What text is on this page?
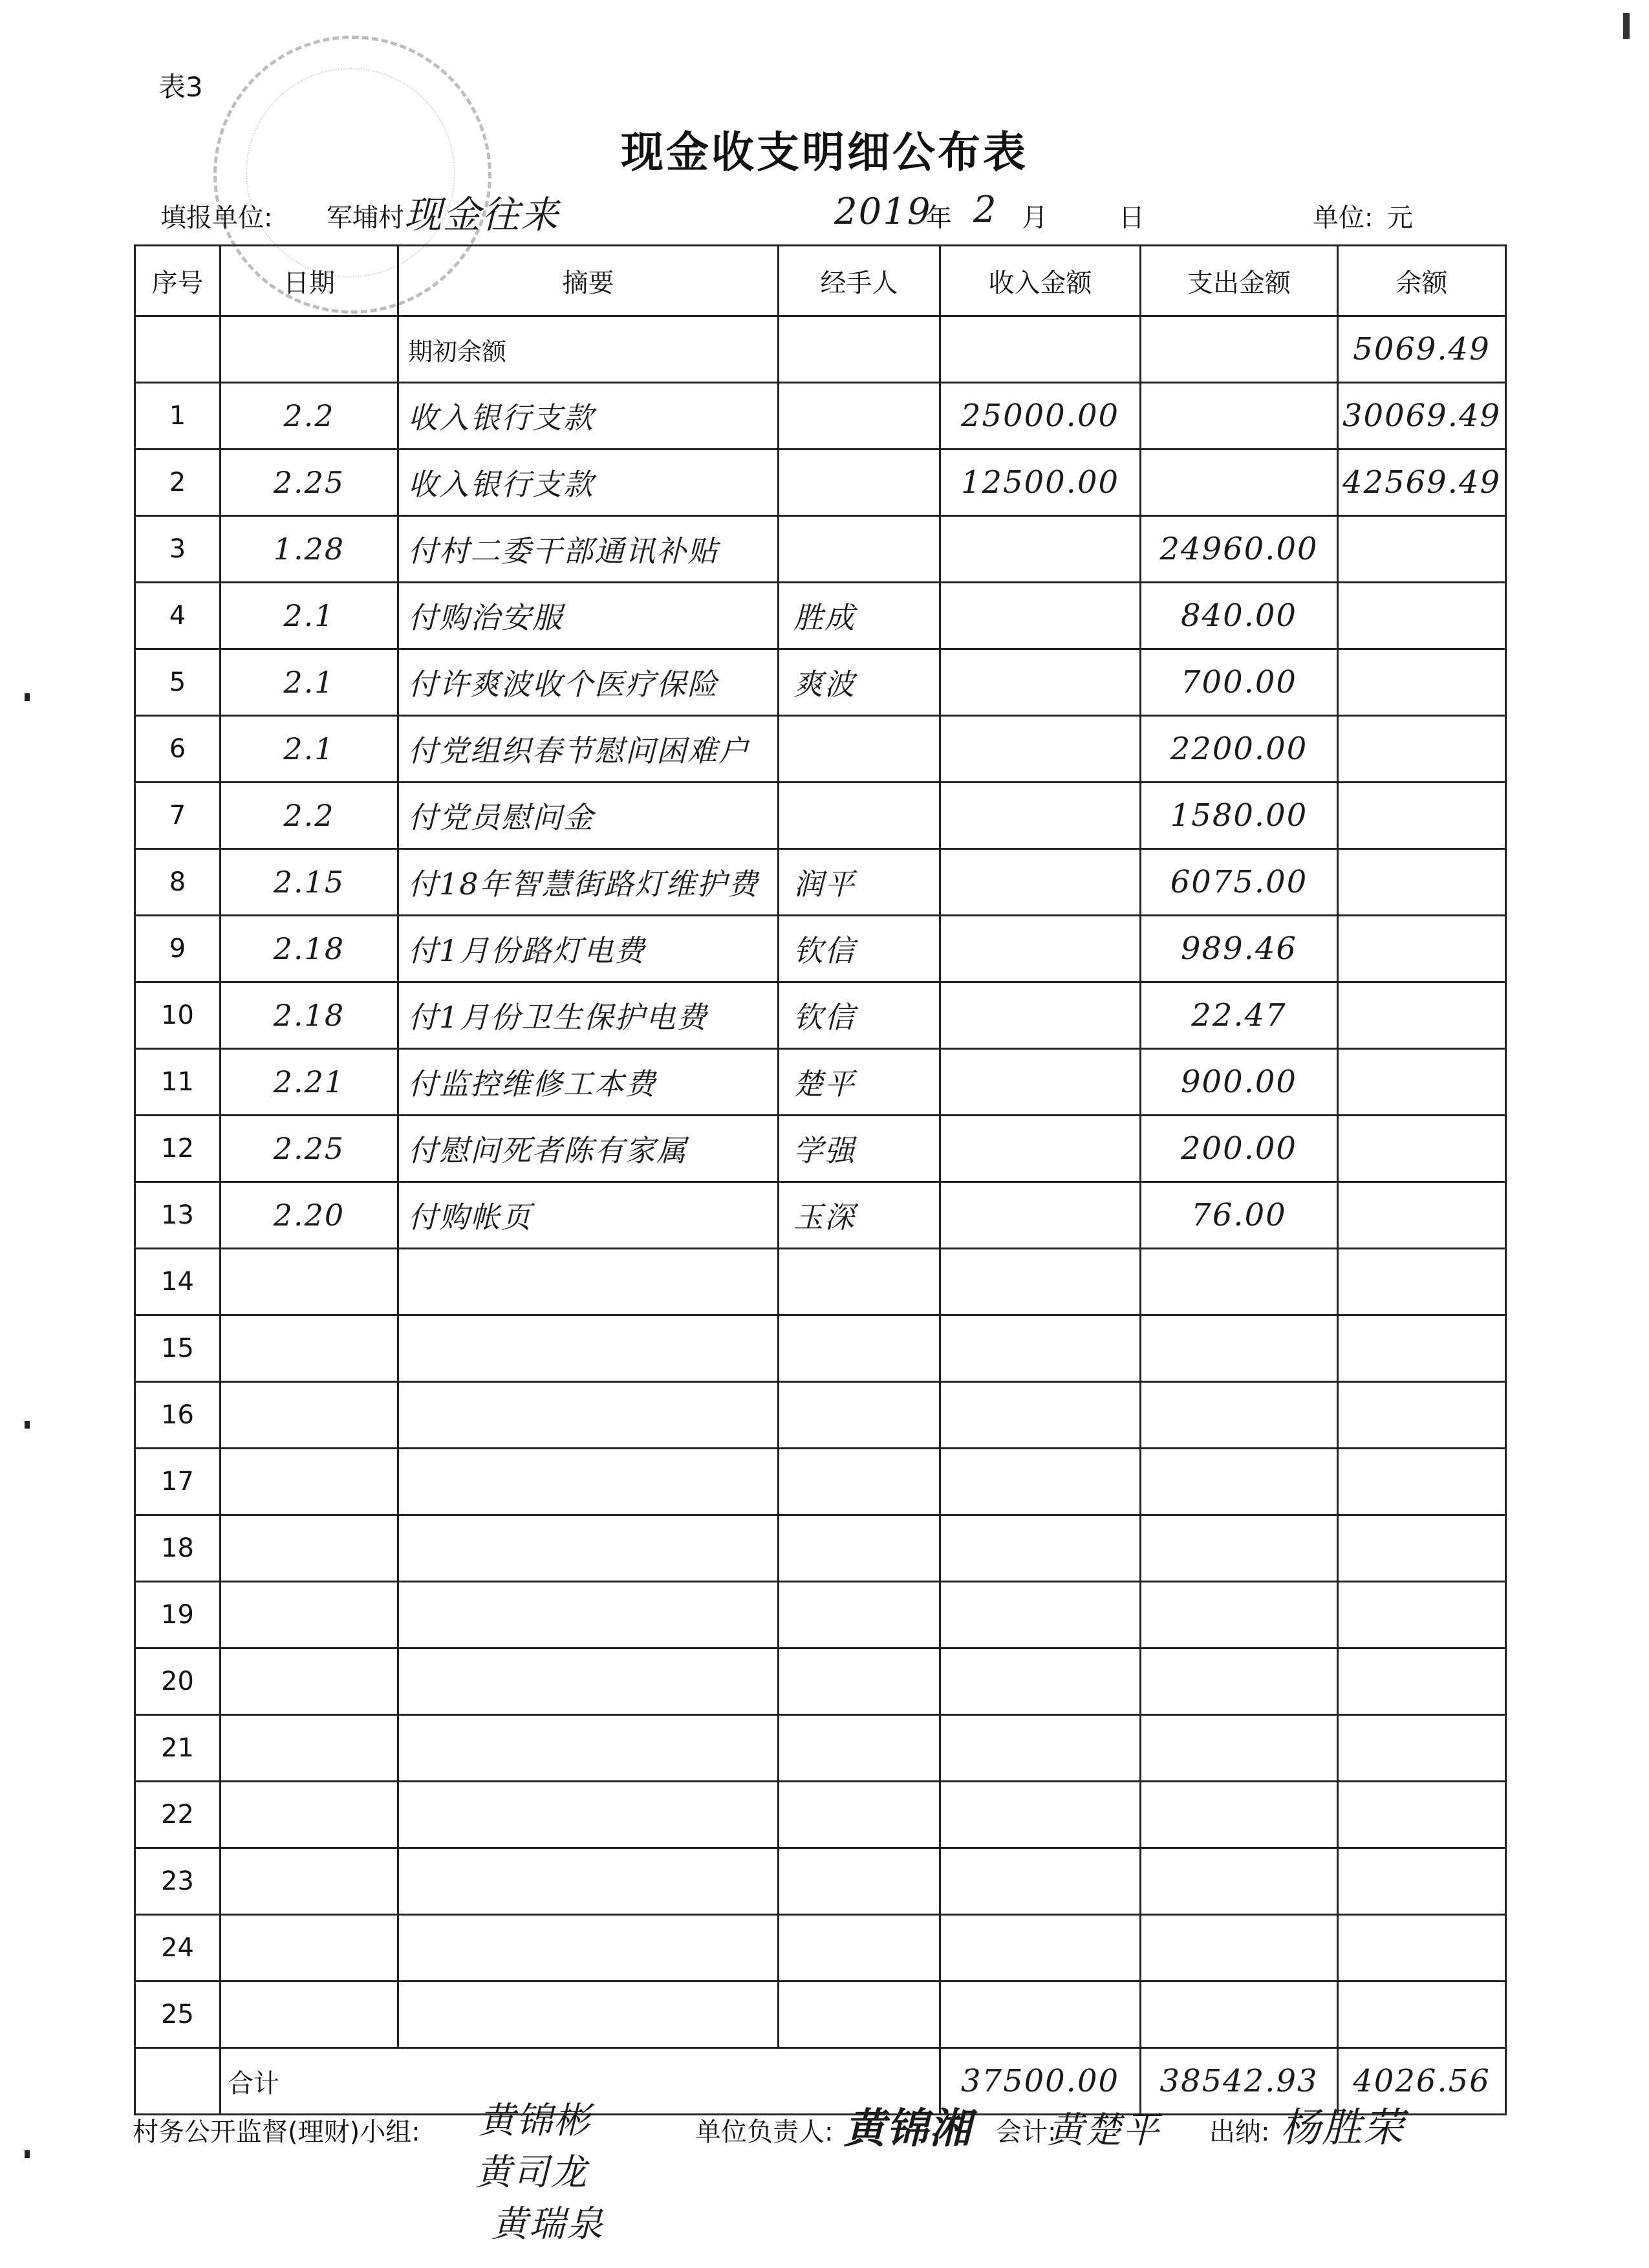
表3
现金收支明细公布表
填报单位: 军埔村 现金往来	2019
年 2 月	日	单位: 元
序号	日期	摘要	经手人	收入金额	支出金额	余额
		期初余额				5069.49
1	2.2	收入银行支款		25000.00		30069.49
2	2.25	收入银行支款		12500.00		42569.49
3	1.28	付村二委干部通讯补贴			24960.00	
4	2.1	付购治安服	胜成		840.00	
5	2.1	付许爽波收个医疗保险	爽波		700.00	
6	2.1	付党组织春节慰问困难户			2200.00	
7	2.2	付党员慰问金			1580.00	
8	2.15	付18年智慧街路灯维护费	润平		6075.00	
9	2.18	付1月份路灯电费	钦信		989.46	
10	2.18	付1月份卫生保护电费	钦信		22.47	
11	2.21	付监控维修工本费	楚平		900.00	
12	2.25	付慰问死者陈有家属	学强		200.00	
13	2.20	付购帐页	玉深		76.00	
14						
15						
16						
17						
18						
19						
20						
21						
22						
23						
24						
25						
	合计			37500.00	38542.93	4026.56
村务公开监督(理财)小组: 黄锦彬
黄司龙
黄瑞泉
单位负责人: 黄锦湘 会计:
黄楚平 出纳: 杨胜荣
